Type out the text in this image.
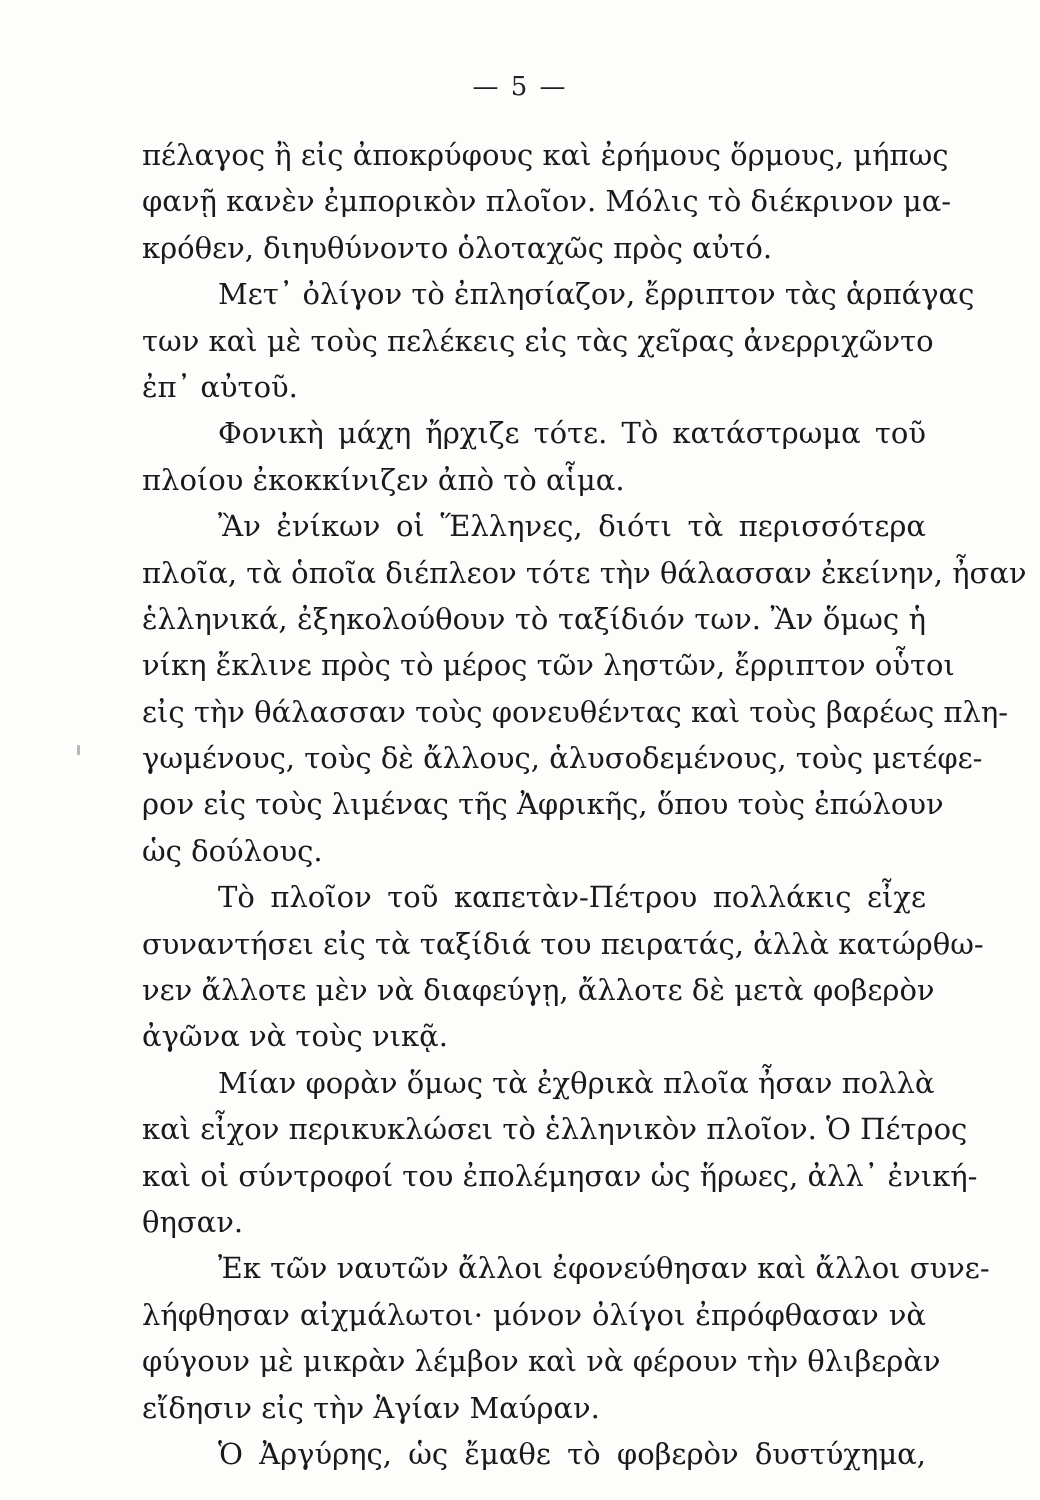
— 5 —
πέλαγος ἢ εἰς ἀποκρύφους καὶ ἐρήμους ὅρμους, μήπως
φανῇ κανὲν ἐμπορικὸν πλοῖον. Μόλις τὸ διέκρινον μα-
κρόθεν, διηυθύνοντο ὁλοταχῶς πρὸς αὐτό.
Μετ᾽ ὀλίγον τὸ ἐπλησίαζον, ἔρριπτον τὰς ἁρπάγας
των καὶ μὲ τοὺς πελέκεις εἰς τὰς χεῖρας ἀνερριχῶντο
ἐπ᾽ αὐτοῦ.
Φονικὴ μάχη ἤρχιζε τότε. Τὸ κατάστρωμα τοῦ
πλοίου ἐκοκκίνιζεν ἀπὸ τὸ αἷμα.
Ἂν ἐνίκων οἱ Ἕλληνες, διότι τὰ περισσότερα
πλοῖα, τὰ ὁποῖα διέπλεον τότε τὴν θάλασσαν ἐκείνην, ἦσαν
ἑλληνικά, ἐξηκολούθουν τὸ ταξίδιόν των. Ἂν ὅμως ἡ
νίκη ἔκλινε πρὸς τὸ μέρος τῶν ληστῶν, ἔρριπτον οὗτοι
εἰς τὴν θάλασσαν τοὺς φονευθέντας καὶ τοὺς βαρέως πλη-
γωμένους, τοὺς δὲ ἄλλους, ἁλυσοδεμένους, τοὺς μετέφε-
ρον εἰς τοὺς λιμένας τῆς Ἀφρικῆς, ὅπου τοὺς ἐπώλουν
ὡς δούλους.
Τὸ πλοῖον τοῦ καπετὰν-Πέτρου πολλάκις εἶχε
συναντήσει εἰς τὰ ταξίδιά του πειρατάς, ἀλλὰ κατώρθω-
νεν ἄλλοτε μὲν νὰ διαφεύγῃ, ἄλλοτε δὲ μετὰ φοβερὸν
ἀγῶνα νὰ τοὺς νικᾷ.
Μίαν φορὰν ὅμως τὰ ἐχθρικὰ πλοῖα ἦσαν πολλὰ
καὶ εἶχον περικυκλώσει τὸ ἑλληνικὸν πλοῖον. Ὁ Πέτρος
καὶ οἱ σύντροφοί του ἐπολέμησαν ὡς ἥρωες, ἀλλ᾽ ἐνική-
θησαν.
Ἐκ τῶν ναυτῶν ἄλλοι ἐφονεύθησαν καὶ ἄλλοι συνε-
λήφθησαν αἰχμάλωτοι· μόνον ὀλίγοι ἐπρόφθασαν νὰ
φύγουν μὲ μικρὰν λέμβον καὶ νὰ φέρουν τὴν θλιβερὰν
εἴδησιν εἰς τὴν Ἁγίαν Μαύραν.
Ὁ Ἀργύρης, ὡς ἔμαθε τὸ φοβερὸν δυστύχημα,
